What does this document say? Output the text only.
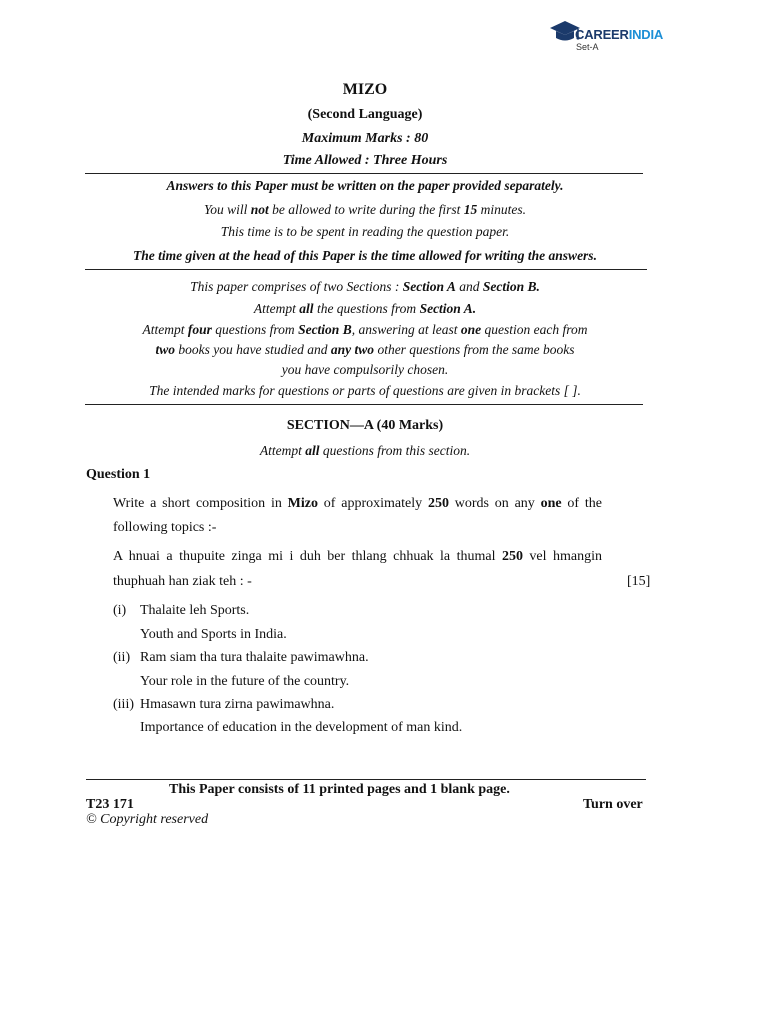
CAREERINDIA
Set-A
MIZO
(Second Language)
Maximum Marks : 80
Time Allowed : Three Hours
Answers to this Paper must be written on the paper provided separately.
You will not be allowed to write during the first 15 minutes.
This time is to be spent in reading the question paper.
The time given at the head of this Paper is the time allowed for writing the answers.
This paper comprises of two Sections : Section A and Section B.
Attempt all the questions from Section A.
Attempt four questions from Section B, answering at least one question each from
two books you have studied and any two other questions from the same books
you have compulsorily chosen.
The intended marks for questions or parts of questions are given in brackets [ ].
SECTION—A (40 Marks)
Attempt all questions from this section.
Question 1
Write a short composition in Mizo of approximately 250 words on any one of the
following topics :-
A hnuai a thupuite zinga mi i duh ber thlang chhuak la thumal 250 vel hmangin
thuphuah han ziak teh : -	[15]
(i) Thalaite leh Sports.
Youth and Sports in India.
(ii) Ram siam tha tura thalaite pawimawhna.
Your role in the future of the country.
(iii) Hmasawn tura zirna pawimawhna.
Importance of education in the development of man kind.
This Paper consists of 11 printed pages and 1 blank page.
T23 171	Turn over
© Copyright reserved
